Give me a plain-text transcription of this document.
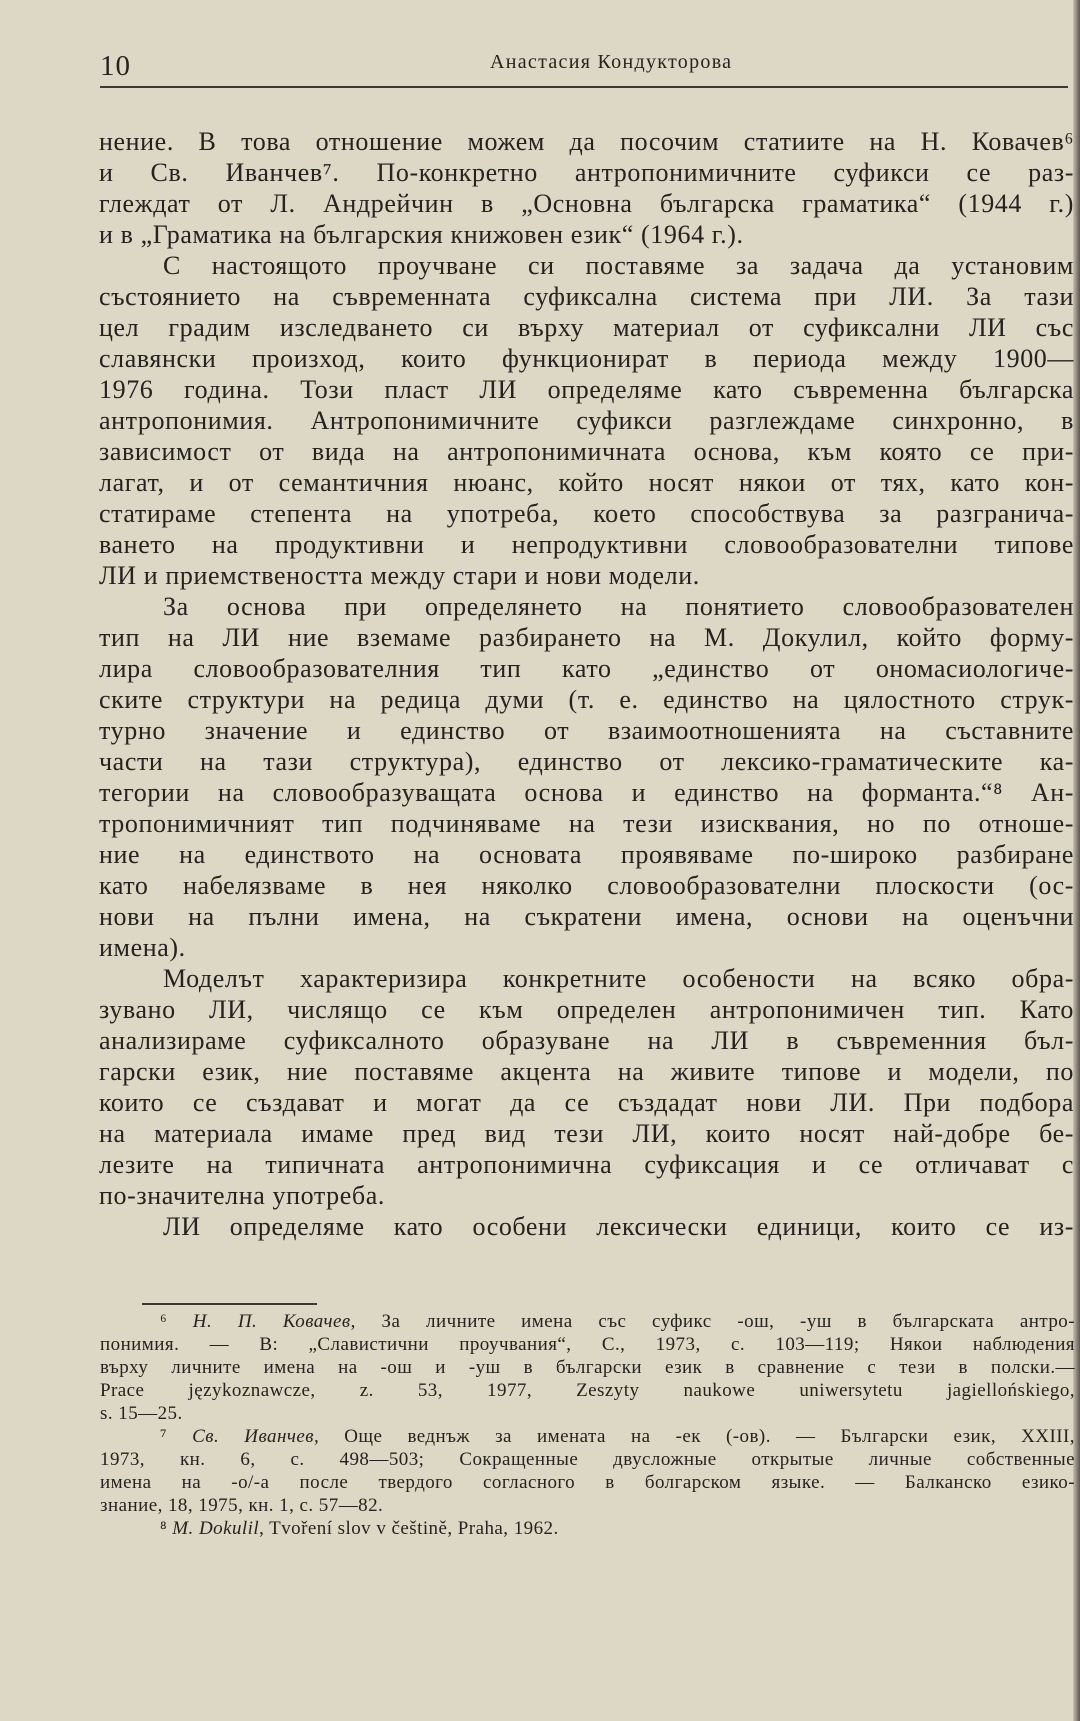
10	Анастасия Кондукторова
нение. В това отношение можем да посочим статиите на Н. Ковачев⁶
и Св. Иванчев⁷. По-конкретно антропонимичните суфикси се раз-
глеждат от Л. Андрейчин в „Основна българска граматика“ (1944 г.)
и в „Граматика на българския книжовен език“ (1964 г.).
С настоящото проучване си поставяме за задача да установим
състоянието на съвременната суфиксална система при ЛИ. За тази
цел градим изследването си върху материал от суфиксални ЛИ със
славянски произход, които функционират в периода между 1900—
1976 година. Този пласт ЛИ определяме като съвременна българска
антропонимия. Антропонимичните суфикси разглеждаме синхронно, в
зависимост от вида на антропонимичната основа, към която се при-
лагат, и от семантичния нюанс, който носят някои от тях, като кон-
статираме степента на употреба, което способствува за разгранича-
ването на продуктивни и непродуктивни словообразователни типове
ЛИ и приемствеността между стари и нови модели.
За основа при определянето на понятието словообразователен
тип на ЛИ ние вземаме разбирането на М. Докулил, който форму-
лира словообразователния тип като „единство от ономасиологиче-
ските структури на редица думи (т. е. единство на цялостното струк-
турно значение и единство от взаимоотношенията на съставните
части на тази структура), единство от лексико-граматическите ка-
тегории на словообразуващата основа и единство на форманта.“⁸ Ан-
тропонимичният тип подчиняваме на тези изисквания, но по отноше-
ние на единството на основата проявяваме по-широко разбиране
като набелязваме в нея няколко словообразователни плоскости (ос-
нови на пълни имена, на съкратени имена, основи на оценъчни
имена).
Моделът характеризира конкретните особености на всяко обра-
зувано ЛИ, числящо се към определен антропонимичен тип. Като
анализираме суфиксалното образуване на ЛИ в съвременния бъл-
гарски език, ние поставяме акцента на живите типове и модели, по
които се създават и могат да се създадат нови ЛИ. При подбора
на материала имаме пред вид тези ЛИ, които носят най-добре бе-
лезите на типичната антропонимична суфиксация и се отличават с
по-значителна употреба.
ЛИ определяме като особени лексически единици, които се из-
⁶ Н. П. Ковачев, За личните имена със суфикс -ош, -уш в българската антро-
понимия. — В: „Славистични проучвания“, С., 1973, с. 103—119; Някои наблюдения
върху личните имена на -ош и -уш в български език в сравнение с тези в полски.—
Prace językoznawcze, z. 53, 1977, Zeszyty naukowe uniwersytetu jagiellońskiego,
s. 15—25.
⁷ Св. Иванчев, Още веднъж за имената на -ек (-ов). — Български език, XXIII,
1973, кн. 6, с. 498—503; Сокращенные двусложные открытые личные собственные
имена на -о/-а после твердого согласного в болгарском языке. — Балканско езико-
знание, 18, 1975, кн. 1, с. 57—82.
⁸ M. Dokulil, Tvoření slov v češtině, Praha, 1962.
